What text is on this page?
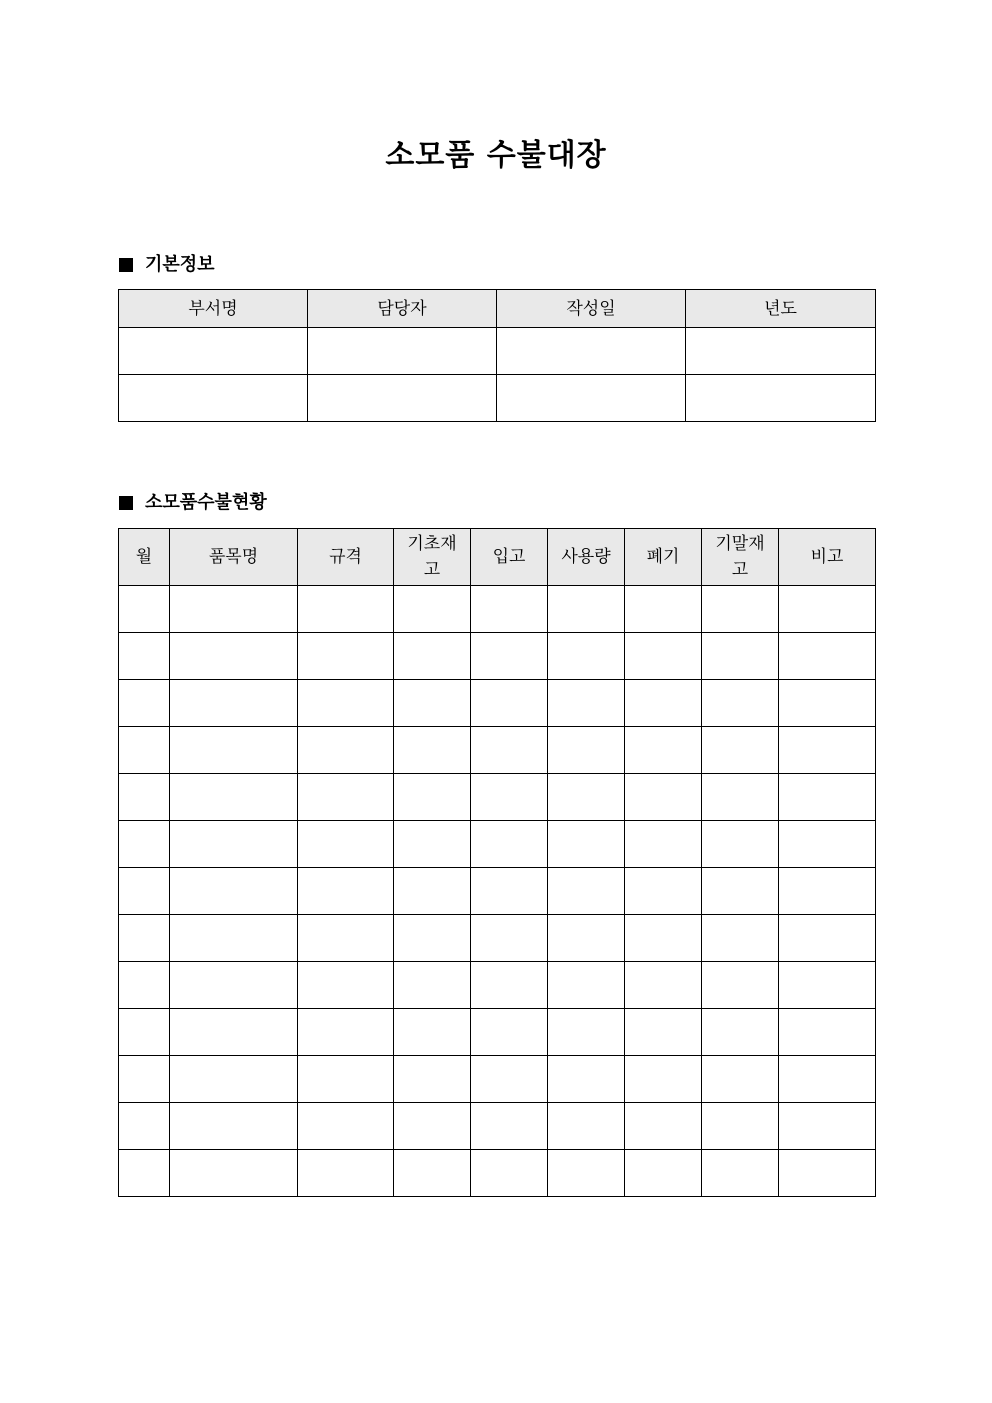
소모품 수불대장
기본정보
부서명	담당자	작성일	년도

소모품수불현황
월	품목명	규격	기초재고	입고	사용량	폐기	기말재고	비고
